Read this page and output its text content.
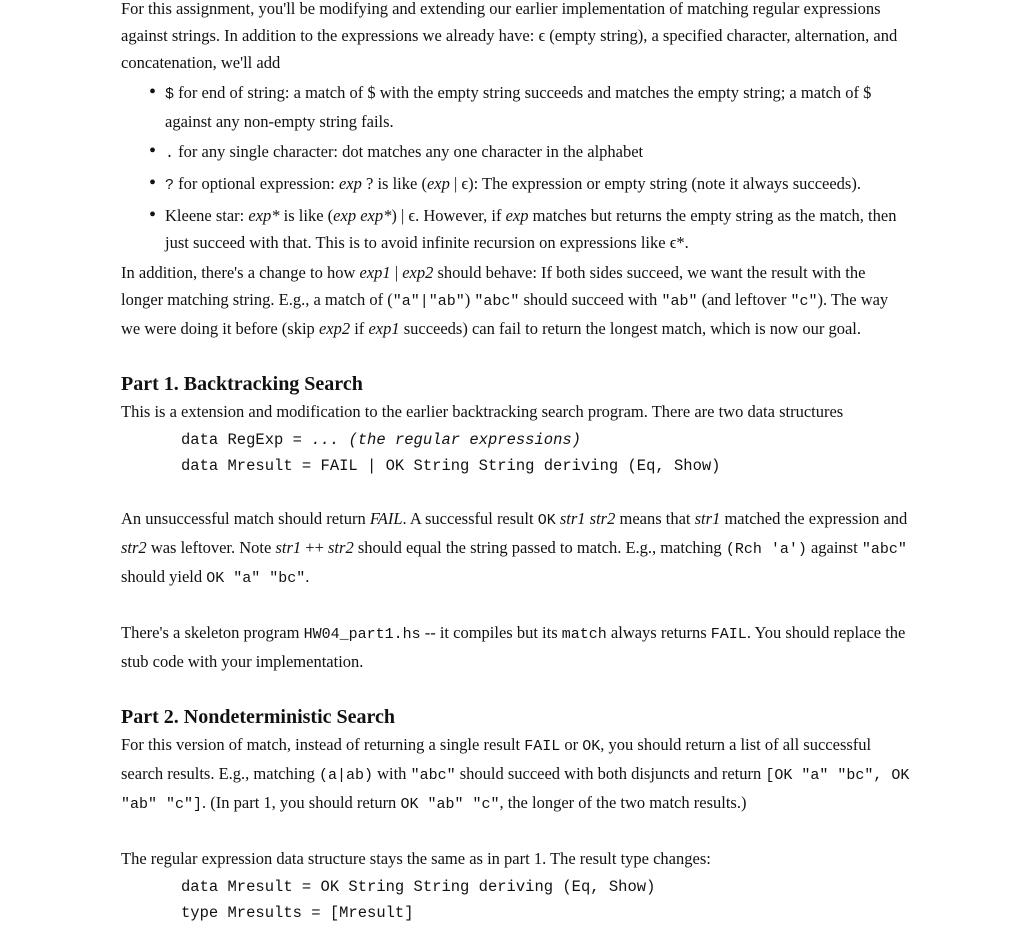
For this assignment, you'll be modifying and extending our earlier implementation of matching regular expressions against strings. In addition to the expressions we already have: ϵ (empty string), a specified character, alternation, and concatenation, we'll add

• $ for end of string: a match of $ with the empty string succeeds and matches the empty string; a match of $ against any non-empty string fails.
• . for any single character: dot matches any one character in the alphabet
• ? for optional expression: exp ? is like (exp | ϵ): The expression or empty string (note it always succeeds).
• Kleene star: exp* is like (exp exp*) | ϵ. However, if exp matches but returns the empty string as the match, then just succeed with that. This is to avoid infinite recursion on expressions like ϵ*.

In addition, there's a change to how exp1 | exp2 should behave: If both sides succeed, we want the result with the longer matching string. E.g., a match of ("a"|"ab") "abc" should succeed with "ab" (and leftover "c"). The way we were doing it before (skip exp2 if exp1 succeeds) can fail to return the longest match, which is now our goal.

Part 1. Backtracking Search

This is a extension and modification to the earlier backtracking search program. There are two data structures

data RegExp = ... (the regular expressions)
data Mresult = FAIL | OK String String deriving (Eq, Show)

An unsuccessful match should return FAIL. A successful result OK str1 str2 means that str1 matched the expression and str2 was leftover. Note str1 ++ str2 should equal the string passed to match. E.g., matching (Rch 'a') against "abc" should yield OK "a" "bc".

There's a skeleton program HW04_part1.hs -- it compiles but its match always returns FAIL. You should replace the stub code with your implementation.

Part 2. Nondeterministic Search

For this version of match, instead of returning a single result FAIL or OK, you should return a list of all successful search results. E.g., matching (a|ab) with "abc" should succeed with both disjuncts and return [OK "a" "bc", OK "ab" "c"]. (In part 1, you should return OK "ab" "c", the longer of the two match results.)

The regular expression data structure stays the same as in part 1. The result type changes:

data Mresult = OK String String deriving (Eq, Show)
type Mresults = [Mresult]
